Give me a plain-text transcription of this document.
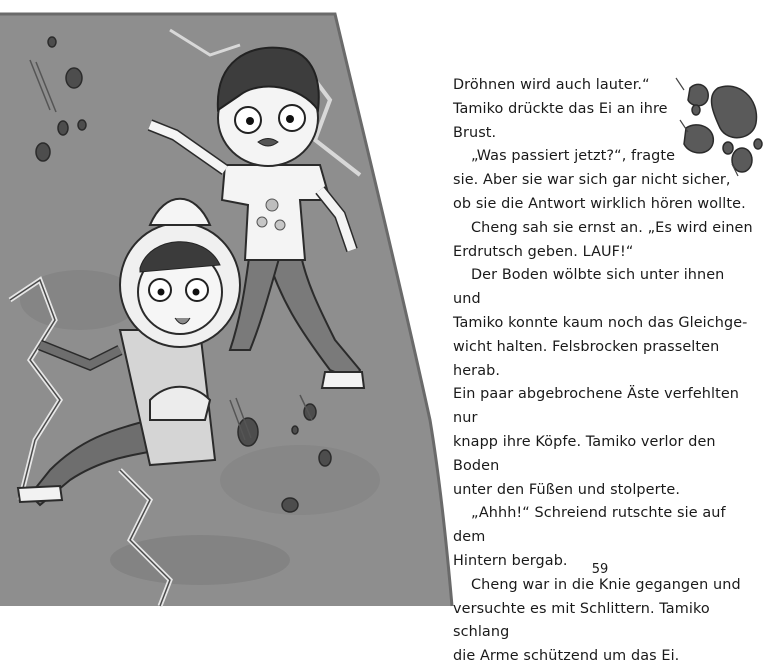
Dröhnen wird auch lauter.“
Tamiko drückte das Ei an ihre
Brust.

„Was passiert jetzt?“, fragte
sie. Aber sie war sich gar nicht sicher,
ob sie die Antwort wirklich hören wollte.

Cheng sah sie ernst an. „Es wird einen
Erdrutsch geben. LAUF!“

Der Boden wölbte sich unter ihnen und
Tamiko konnte kaum noch das Gleichge-
wicht halten. Felsbrocken prasselten herab.
Ein paar abgebrochene Äste verfehlten nur
knapp ihre Köpfe. Tamiko verlor den Boden
unter den Füßen und stolperte.

„Ahhh!“ Schreiend rutschte sie auf dem
Hintern bergab.

Cheng war in die Knie gegangen und
versuchte es mit Schlittern. Tamiko schlang
die Arme schützend um das Ei.

59
